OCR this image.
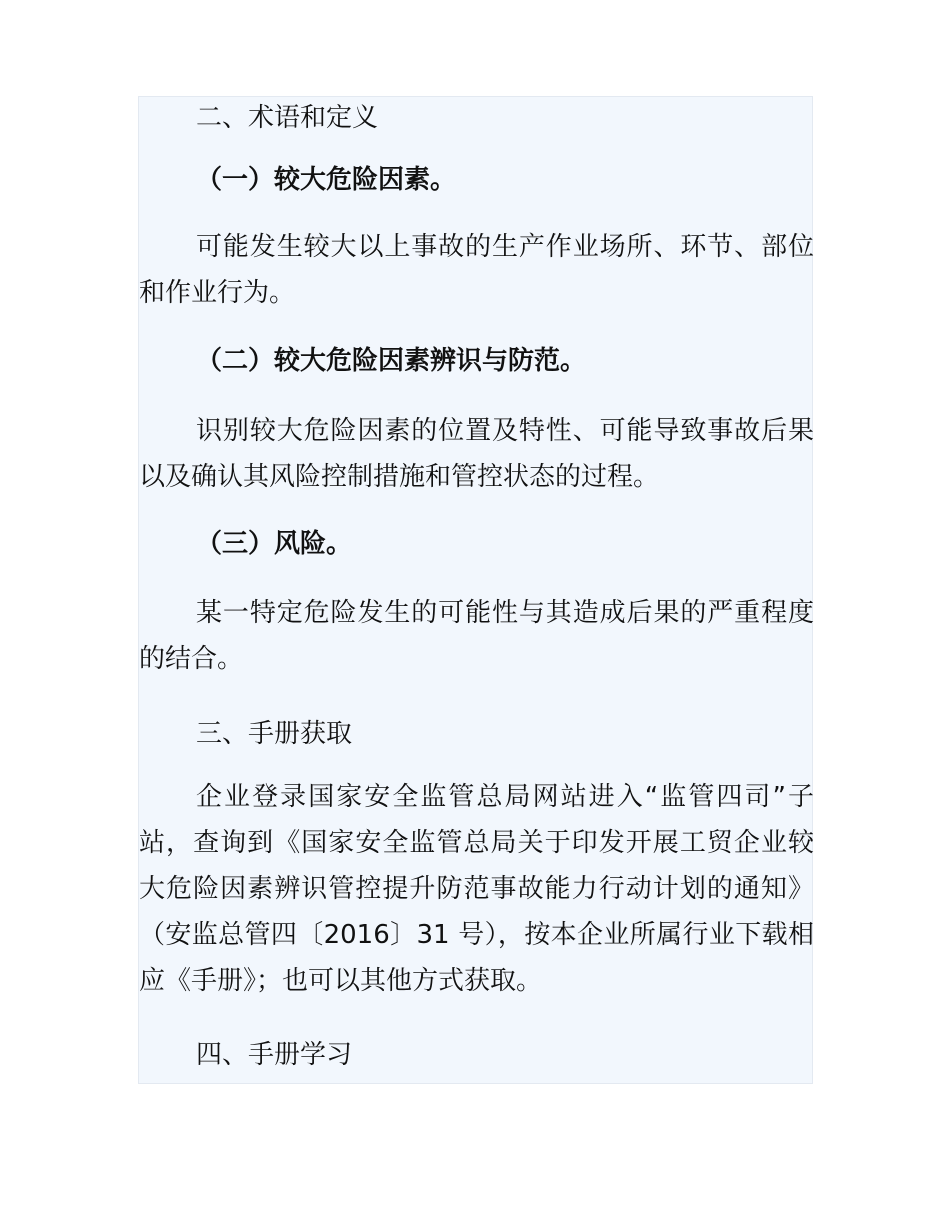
二、术语和定义
（一）较大危险因素。
可能发生较大以上事故的生产作业场所、环节、部位和作业行为。
（二）较大危险因素辨识与防范。
识别较大危险因素的位置及特性、可能导致事故后果以及确认其风险控制措施和管控状态的过程。
（三）风险。
某一特定危险发生的可能性与其造成后果的严重程度的结合。
三、手册获取
企业登录国家安全监管总局网站进入“监管四司”子站，查询到《国家安全监管总局关于印发开展工贸企业较大危险因素辨识管控提升防范事故能力行动计划的通知》（安监总管四〔2016〕31 号），按本企业所属行业下载相应《手册》；也可以其他方式获取。
四、手册学习
